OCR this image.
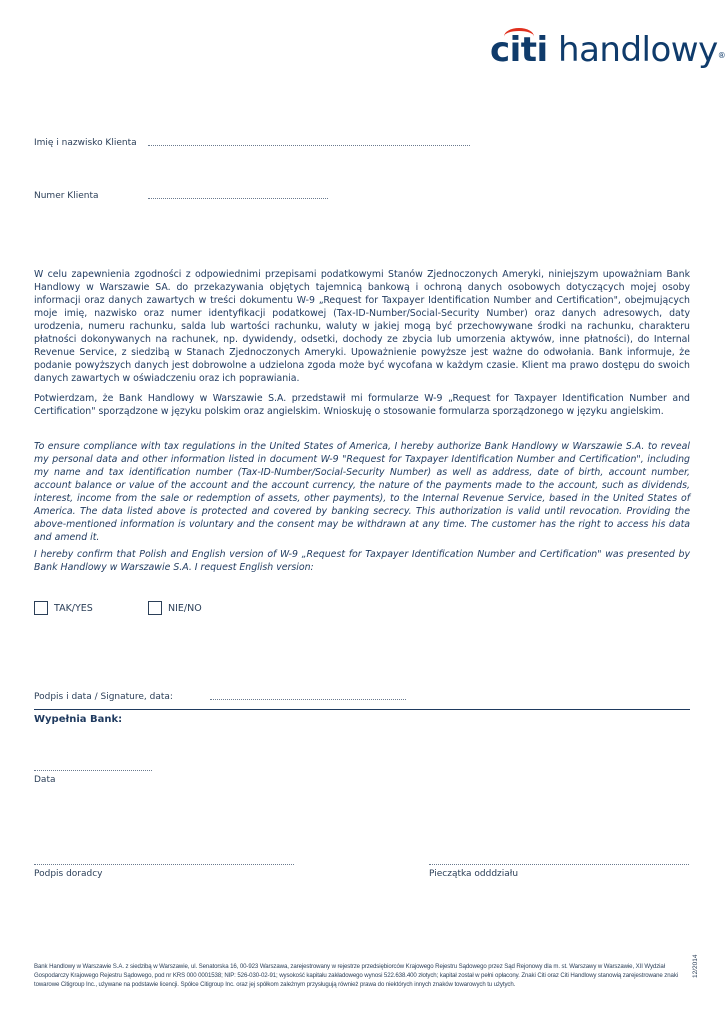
citi handlowy®
Imię i nazwisko Klienta
Numer Klienta
W celu zapewnienia zgodności z odpowiednimi przepisami podatkowymi Stanów Zjednoczonych Ameryki, niniejszym upoważniam Bank Handlowy w Warszawie SA. do przekazywania objętych tajemnicą bankową i ochroną danych osobowych dotyczących mojej osoby informacji oraz danych zawartych w treści dokumentu W-9 „Request for Taxpayer Identification Number and Certification", obejmujących moje imię, nazwisko oraz numer identyfikacji podatkowej (Tax-ID-Number/Social-Security Number) oraz danych adresowych, daty urodzenia, numeru rachunku, salda lub wartości rachunku, waluty w jakiej mogą być przechowywane środki na rachunku, charakteru płatności dokonywanych na rachunek, np. dywidendy, odsetki, dochody ze zbycia lub umorzenia aktywów, inne płatności), do Internal Revenue Service, z siedzibą w Stanach Zjednoczonych Ameryki. Upoważnienie powyższe jest ważne do odwołania. Bank informuje, że podanie powyższych danych jest dobrowolne a udzielona zgoda może być wycofana w każdym czasie. Klient ma prawo dostępu do swoich danych zawartych w oświadczeniu oraz ich poprawiania.
Potwierdzam, że Bank Handlowy w Warszawie S.A. przedstawił mi formularze W-9 „Request for Taxpayer Identification Number and Certification" sporządzone w języku polskim oraz angielskim. Wnioskuję o stosowanie formularza sporządzonego w języku angielskim.
To ensure compliance with tax regulations in the United States of America, I hereby authorize Bank Handlowy w Warszawie S.A. to reveal my personal data and other information listed in document W-9 "Request for Taxpayer Identification Number and Certification", including my name and tax identification number (Tax-ID-Number/Social-Security Number) as well as address, date of birth, account number, account balance or value of the account and the account currency, the nature of the payments made to the account, such as dividends, interest, income from the sale or redemption of assets, other payments), to the Internal Revenue Service, based in the United States of America. The data listed above is protected and covered by banking secrecy. This authorization is valid until revocation. Providing the above-mentioned information is voluntary and the consent may be withdrawn at any time. The customer has the right to access his data and amend it.
I hereby confirm that Polish and English version of W-9 „Request for Taxpayer Identification Number and Certification" was presented by Bank Handlowy w Warszawie S.A. I request English version:
TAK/YES	NIE/NO
Podpis i data / Signature, data:
Wypełnia Bank:
Data
Podpis doradcy	Pieczątka odddziału
Bank Handlowy w Warszawie S.A. z siedzibą w Warszawie, ul. Senatorska 16, 00-923 Warszawa, zarejestrowany w rejestrze przedsiębiorców Krajowego Rejestru Sądowego przez Sąd Rejonowy dla m. st. Warszawy w Warszawie, XII Wydział Gospodarczy Krajowego Rejestru Sądowego, pod nr KRS 000 0001538; NIP: 526-030-02-91; wysokość kapitału zakładowego wynosi 522.638.400 złotych; kapitał został w pełni opłacony. Znaki Citi oraz Citi Handlowy stanowią zarejestrowane znaki towarowe Citigroup Inc., używane na podstawie licencji. Spółce Citigroup Inc. oraz jej spółkom zależnym przysługują również prawa do niektórych innych znaków towarowych tu użytych.
12/2014
